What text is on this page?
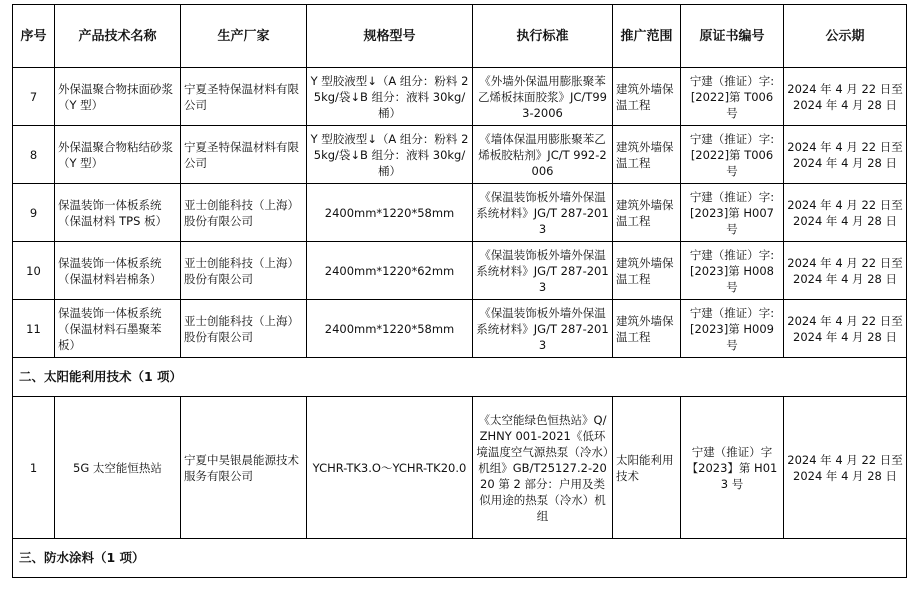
序号	产品技术名称	生产厂家	规格型号	执行标准	推广范围	原证书编号	公示期
7	外保温聚合物抹面砂浆（Y 型）	宁夏圣特保温材料有限公司	Y 型胶液型↓（A 组分：粉料 25kg/袋↓B 组分：液料 30kg/桶）	《外墙外保温用膨胀聚苯乙烯板抹面胶浆》JC/T993-2006	建筑外墙保温工程	宁建（推证）字:[2022]第 T006 号	2024 年 4 月 22 日至 2024 年 4 月 28 日
8	外保温聚合物粘结砂浆（Y 型）	宁夏圣特保温材料有限公司	Y 型胶液型↓（A 组分：粉料 25kg/袋↓B 组分：液料 30kg/桶）	《墙体保温用膨胀聚苯乙烯板胶粘剂》JC/T 992-2006	建筑外墙保温工程	宁建（推证）字:[2022]第 T006 号	2024 年 4 月 22 日至 2024 年 4 月 28 日
9	保温装饰一体板系统（保温材料 TPS 板）	亚士创能科技（上海）股份有限公司	2400mm*1220*58mm	《保温装饰板外墙外保温系统材料》JG/T 287-2013	建筑外墙保温工程	宁建（推证）字:[2023]第 H007 号	2024 年 4 月 22 日至 2024 年 4 月 28 日
10	保温装饰一体板系统（保温材料岩棉条）	亚士创能科技（上海）股份有限公司	2400mm*1220*62mm	《保温装饰板外墙外保温系统材料》JG/T 287-2013	建筑外墙保温工程	宁建（推证）字:[2023]第 H008 号	2024 年 4 月 22 日至 2024 年 4 月 28 日
11	保温装饰一体板系统（保温材料石墨聚苯板）	亚士创能科技（上海）股份有限公司	2400mm*1220*58mm	《保温装饰板外墙外保温系统材料》JG/T 287-2013	建筑外墙保温工程	宁建（推证）字:[2023]第 H009 号	2024 年 4 月 22 日至 2024 年 4 月 28 日
二、太阳能利用技术（1 项）							
1	5G 太空能恒热站	宁夏中昊银晨能源技术服务有限公司	YCHR-TK3.O～YCHR-TK20.0	《太空能绿色恒热站》Q/ZHNY 001-2021《低环境温度空气源热泵（冷水）机组》GB/T25127.2-2020 第 2 部分：户用及类似用途的热泵（冷水）机组	太阳能利用技术	宁建（推证）字【2023】第 H013 号	2024 年 4 月 22 日至 2024 年 4 月 28 日
三、防水涂料（1 项）							
